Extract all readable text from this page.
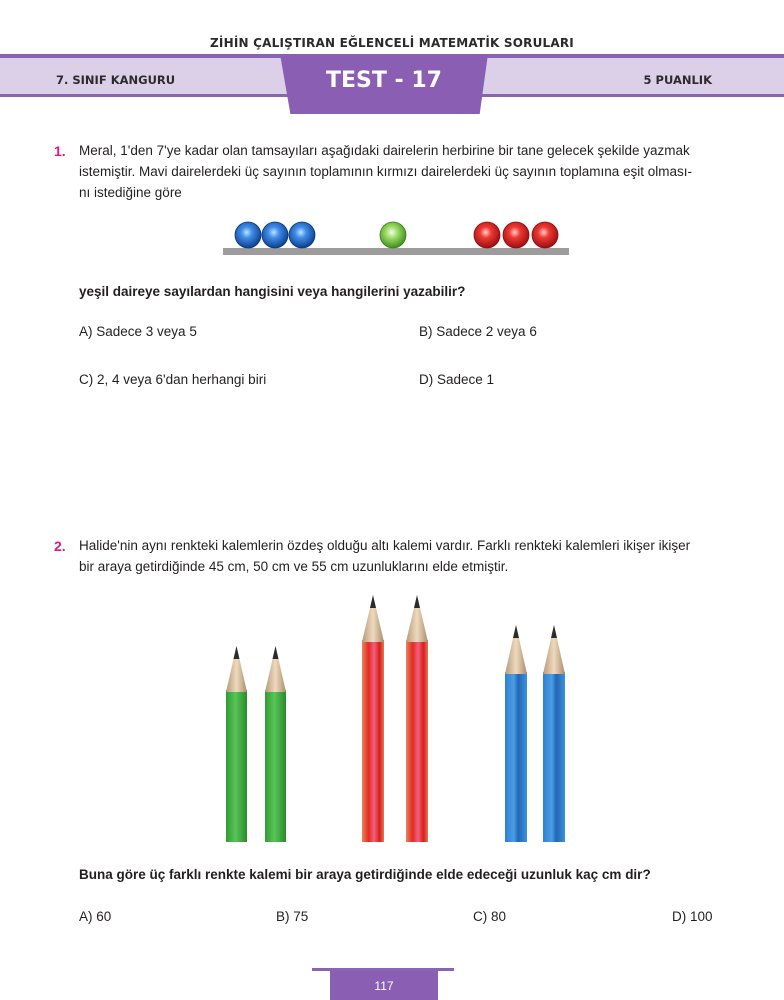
ZİHİN ÇALIŞTIRAN EĞLENCELİ MATEMATİK SORULARI
TEST - 17
7. SINIF KANGURU	5 PUANLIK
1. Meral, 1'den 7'ye kadar olan tamsayıları aşağıdaki dairelerin herbirine bir tane gelecek şekilde yazmak
istemiştir. Mavi dairelerdeki üç sayının toplamının kırmızı dairelerdeki üç sayının toplamına eşit olması-
nı istediğine göre
yeşil daireye sayılardan hangisini veya hangilerini yazabilir?
A) Sadece 3 veya 5	B) Sadece 2 veya 6
C) 2, 4 veya 6'dan herhangi biri	D) Sadece 1
2. Halide'nin aynı renkteki kalemlerin özdeş olduğu altı kalemi vardır. Farklı renkteki kalemleri ikişer ikişer
bir araya getirdiğinde 45 cm, 50 cm ve 55 cm uzunluklarını elde etmiştir.
Buna göre üç farklı renkte kalemi bir araya getirdiğinde elde edeceği uzunluk kaç cm dir?
A) 60	B) 75	C) 80	D) 100
117
